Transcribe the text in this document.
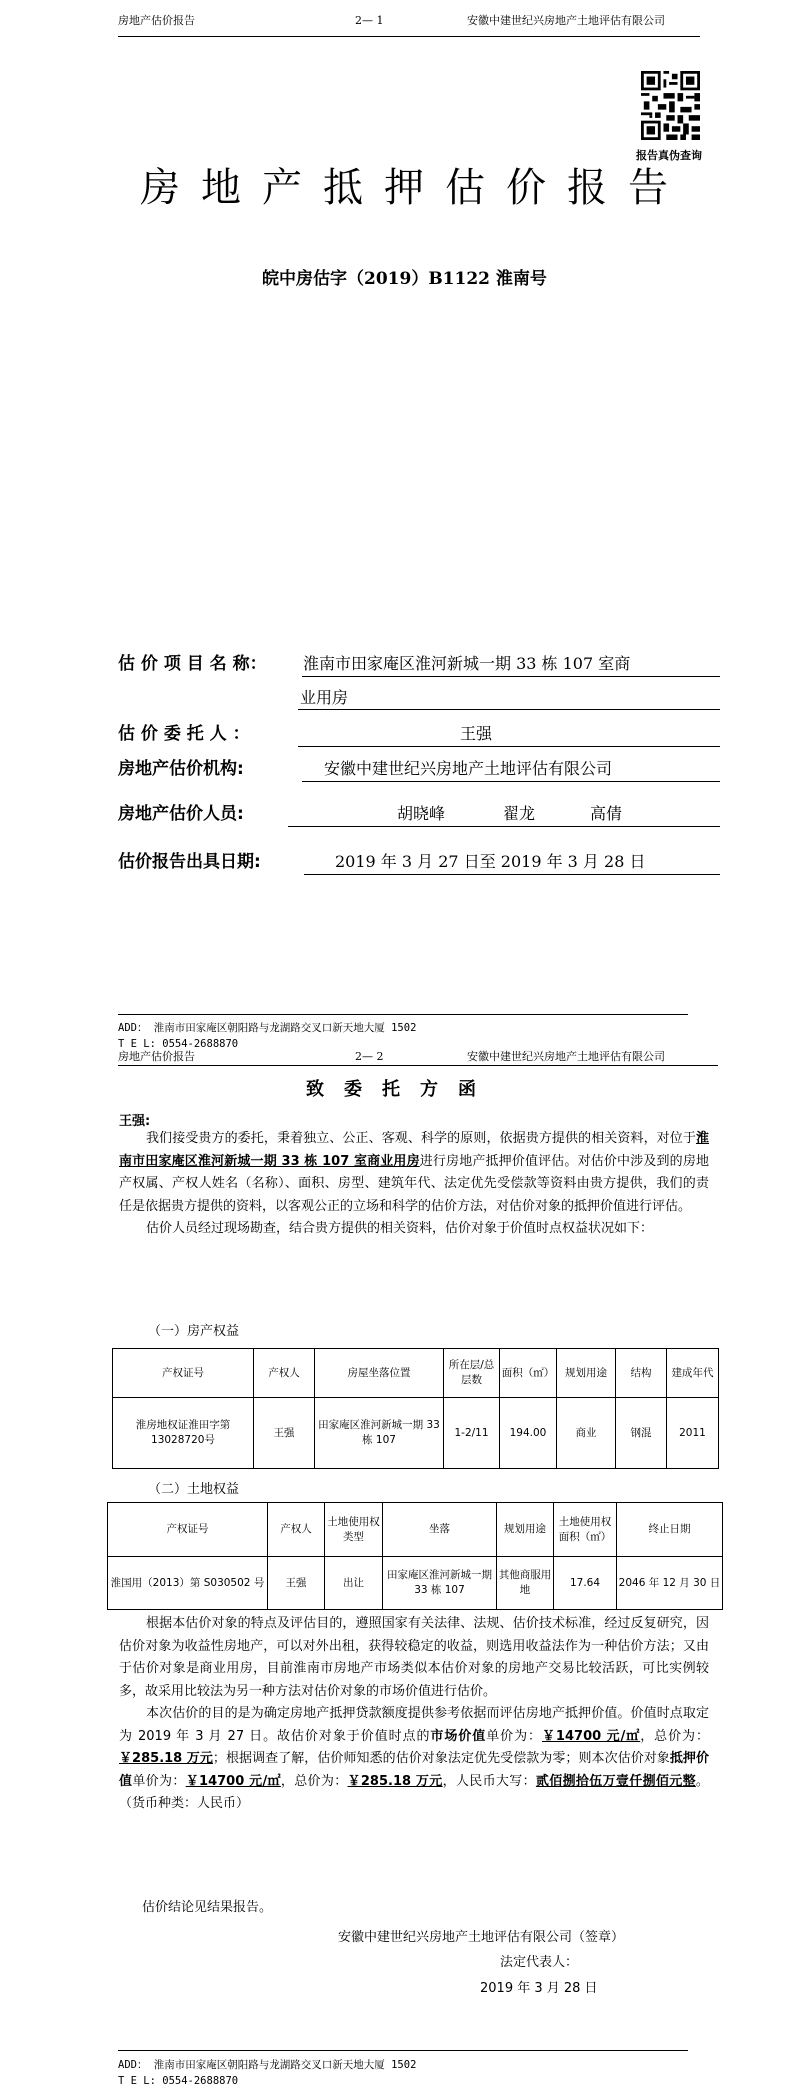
房地产估价报告	2— 1	安徽中建世纪兴房地产土地评估有限公司
报告真伪查询
房地产抵押估价报告
皖中房估字（2019）B1122 淮南号
估 价 项 目 名 称： 淮南市田家庵区淮河新城一期 33 栋 107 室商
业用房
估 价 委 托 人 ：	王强
房地产估价机构:	安徽中建世纪兴房地产土地评估有限公司
房地产估价人员:	胡晓峰	翟龙	高倩
估价报告出具日期:	2019 年 3 月 27 日至 2019 年 3 月 28 日
ADD： 淮南市田家庵区朝阳路与龙湖路交叉口新天地大厦 1502
T E L: 0554-2688870
房地产估价报告	2— 2	安徽中建世纪兴房地产土地评估有限公司
致委托方函
王强:

我们接受贵方的委托，秉着独立、公正、客观、科学的原则，依据贵方提供的相关资料，对位于淮南市田家庵区淮河新城一期 33 栋 107 室商业用房进行房地产抵押价值评估。对估价中涉及到的房地产权属、产权人姓名（名称）、面积、房型、建筑年代、法定优先受偿款等资料由贵方提供，我们的责任是依据贵方提供的资料，以客观公正的立场和科学的估价方法，对估价对象的抵押价值进行评估。

估价人员经过现场勘查，结合贵方提供的相关资料，估价对象于价值时点权益状况如下：

（一）房产权益
产权证号	产权人	房屋坐落位置	所在层/总层数	面积（㎡）	规划用途	结构	建成年代
淮房地权证淮田字第13028720号	王强	田家庵区淮河新城一期 33 栋 107	1-2/11	194.00	商业	钢混	2011
（二）土地权益
产权证号	产权人	土地使用权类型	坐落	规划用途	土地使用权面积（㎡）	终止日期
淮国用（2013）第 S030502 号	王强	出让	田家庵区淮河新城一期 33 栋 107	其他商服用地	17.64	2046 年 12 月 30 日

根据本估价对象的特点及评估目的，遵照国家有关法律、法规、估价技术标准，经过反复研究，因估价对象为收益性房地产，可以对外出租，获得较稳定的收益，则选用收益法作为一种估价方法；又由于估价对象是商业用房，目前淮南市房地产市场类似本估价对象的房地产交易比较活跃，可比实例较多，故采用比较法为另一种方法对估价对象的市场价值进行估价。

本次估价的目的是为确定房地产抵押贷款额度提供参考依据而评估房地产抵押价值。价值时点取定为 2019 年 3 月 27 日。故估价对象于价值时点的市场价值单价为：￥14700 元/㎡，总价为：￥285.18 万元；根据调查了解，估价师知悉的估价对象法定优先受偿款为零；则本次估价对象抵押价值单价为：￥14700 元/㎡，总价为：￥285.18 万元，人民币大写：贰佰捌拾伍万壹仟捌佰元整。（货币种类：人民币）

估价结论见结果报告。
安徽中建世纪兴房地产土地评估有限公司（签章）
法定代表人：
2019 年 3 月 28 日
ADD： 淮南市田家庵区朝阳路与龙湖路交叉口新天地大厦 1502
T E L: 0554-2688870
